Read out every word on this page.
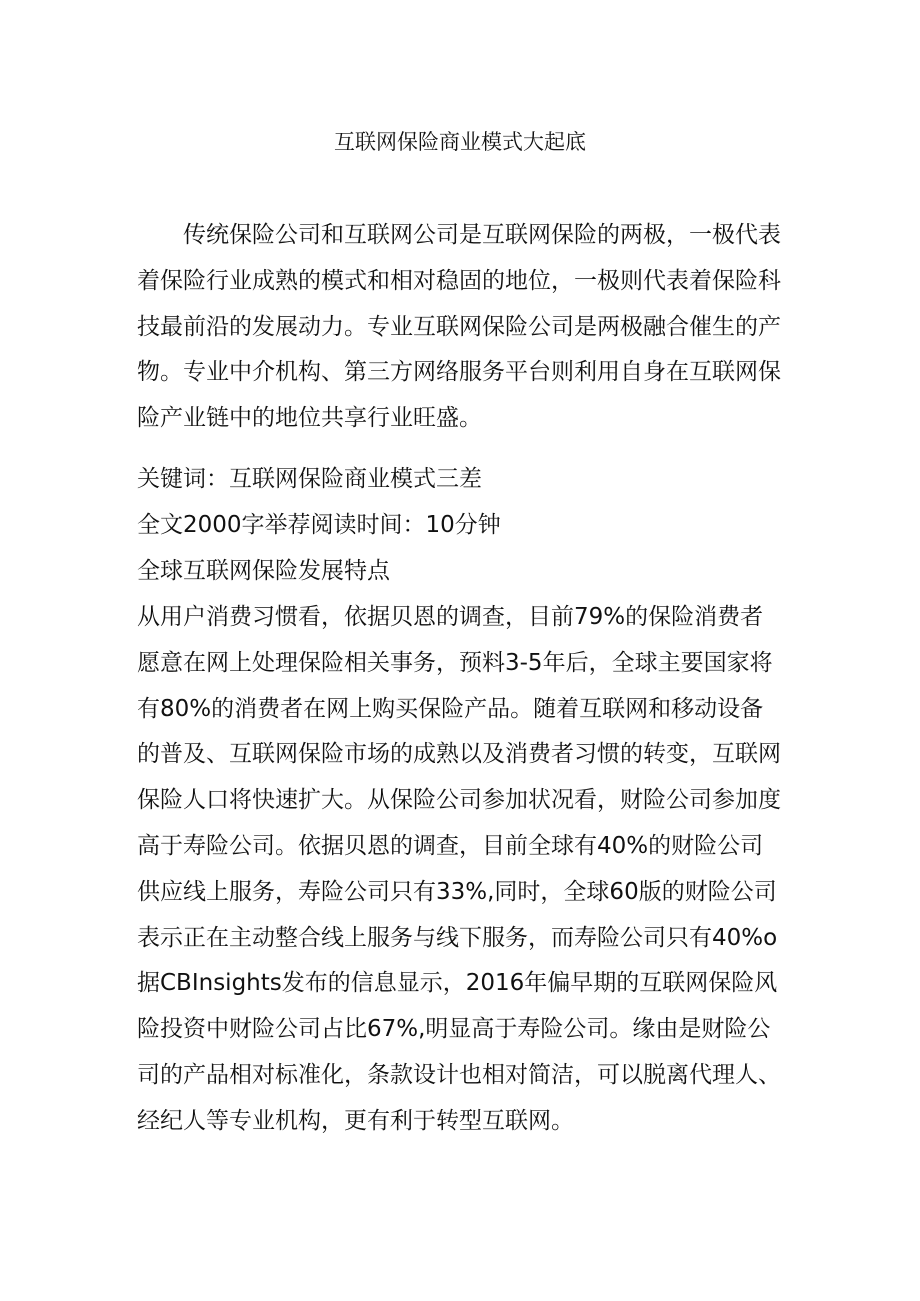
互联网保险商业模式大起底

传统保险公司和互联网公司是互联网保险的两极，一极代表着保险行业成熟的模式和相对稳固的地位，一极则代表着保险科技最前沿的发展动力。专业互联网保险公司是两极融合催生的产物。专业中介机构、第三方网络服务平台则利用自身在互联网保险产业链中的地位共享行业旺盛。

关键词：互联网保险商业模式三差

全文2000字举荐阅读时间：10分钟

全球互联网保险发展特点

从用户消费习惯看，依据贝恩的调查，目前79%的保险消费者愿意在网上处理保险相关事务，预料3-5年后，全球主要国家将有80%的消费者在网上购买保险产品。随着互联网和移动设备的普及、互联网保险市场的成熟以及消费者习惯的转变，互联网保险人口将快速扩大。从保险公司参加状况看，财险公司参加度高于寿险公司。依据贝恩的调查，目前全球有40%的财险公司供应线上服务，寿险公司只有33%,同时，全球60版的财险公司表示正在主动整合线上服务与线下服务，而寿险公司只有40%o据CBInsights发布的信息显示，2016年偏早期的互联网保险风险投资中财险公司占比67%,明显高于寿险公司。缘由是财险公司的产品相对标准化，条款设计也相对简洁，可以脱离代理人、经纪人等专业机构，更有利于转型互联网。
